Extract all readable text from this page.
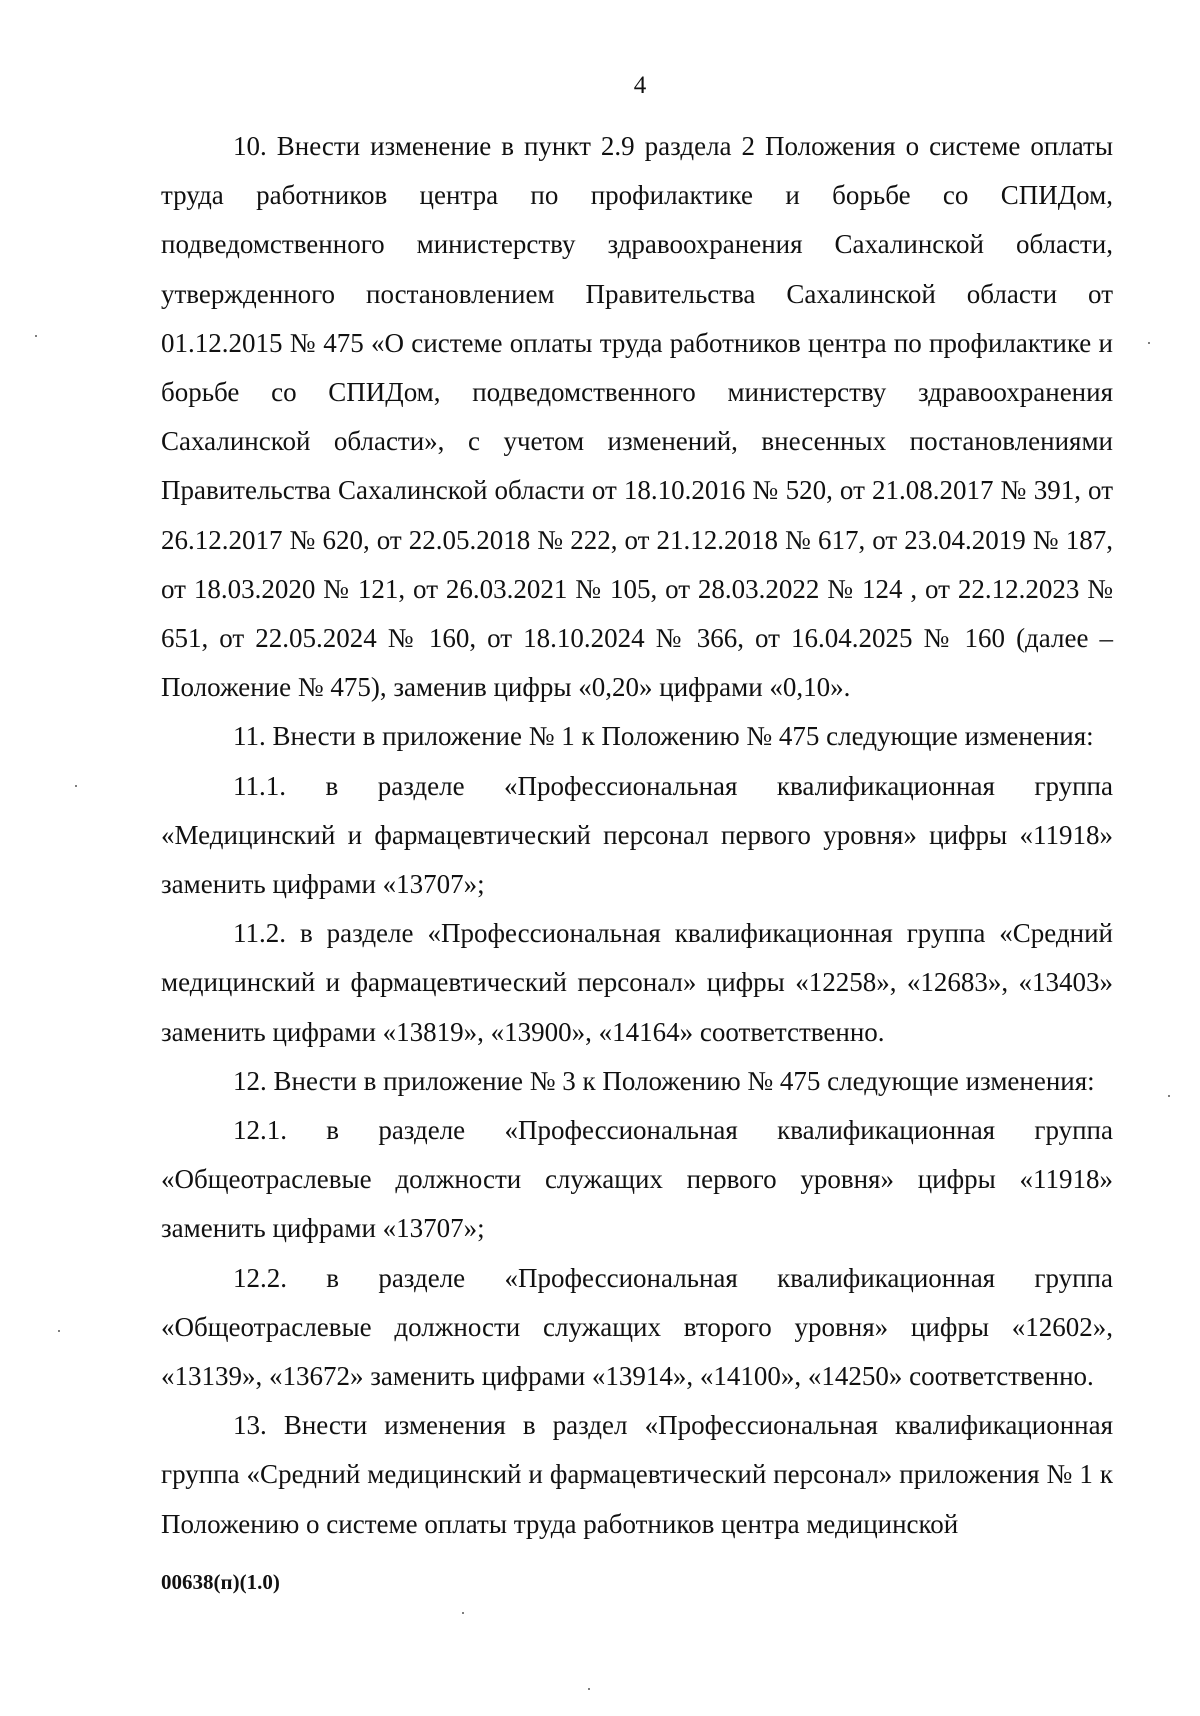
4

10. Внести изменение в пункт 2.9 раздела 2 Положения о системе оплаты труда работников центра по профилактике и борьбе со СПИДом, подведомственного министерству здравоохранения Сахалинской области, утвержденного постановлением Правительства Сахалинской области от 01.12.2015 № 475 «О системе оплаты труда работников центра по профилактике и борьбе со СПИДом, подведомственного министерству здравоохранения Сахалинской области», с учетом изменений, внесенных постановлениями Правительства Сахалинской области от 18.10.2016 № 520, от 21.08.2017 № 391, от 26.12.2017 № 620, от 22.05.2018 № 222, от 21.12.2018 № 617, от 23.04.2019 № 187, от 18.03.2020 № 121, от 26.03.2021 № 105, от 28.03.2022 № 124 , от 22.12.2023 № 651, от 22.05.2024 № 160, от 18.10.2024 № 366, от 16.04.2025 № 160 (далее – Положение № 475), заменив цифры «0,20» цифрами «0,10».

11. Внести в приложение № 1 к Положению № 475 следующие изменения:

11.1. в разделе «Профессиональная квалификационная группа «Медицинский и фармацевтический персонал первого уровня» цифры «11918» заменить цифрами «13707»;

11.2. в разделе «Профессиональная квалификационная группа «Средний медицинский и фармацевтический персонал» цифры «12258», «12683», «13403» заменить цифрами «13819», «13900», «14164» соответственно.

12. Внести в приложение № 3 к Положению № 475 следующие изменения:

12.1. в разделе «Профессиональная квалификационная группа «Общеотраслевые должности служащих первого уровня» цифры «11918» заменить цифрами «13707»;

12.2. в разделе «Профессиональная квалификационная группа «Общеотраслевые должности служащих второго уровня» цифры «12602», «13139», «13672» заменить цифрами «13914», «14100», «14250» соответственно.

13. Внести изменения в раздел «Профессиональная квалификационная группа «Средний медицинский и фармацевтический персонал» приложения № 1 к Положению о системе оплаты труда работников центра медицинской

00638(п)(1.0)
